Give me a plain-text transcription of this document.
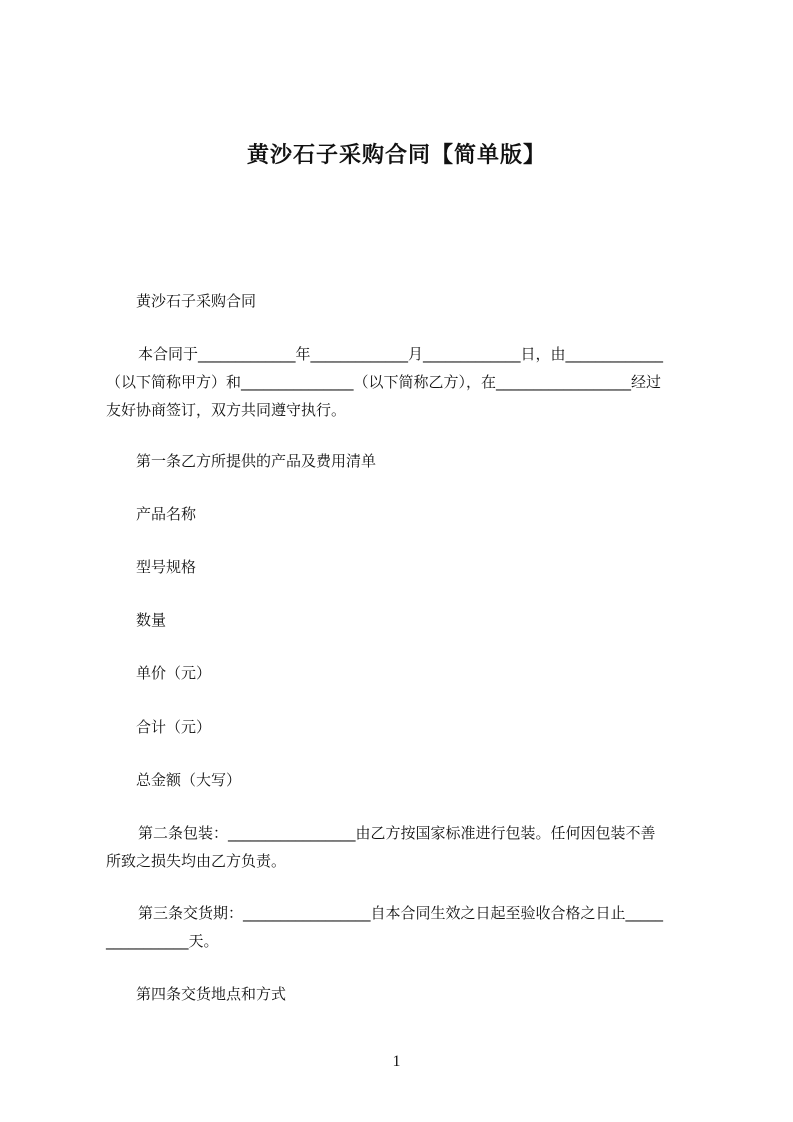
黄沙石子采购合同【简单版】
黄沙石子采购合同
本合同于_____________年_____________月_____________日，由_____________
（以下简称甲方）和_______________（以下简称乙方），在__________________经过
友好协商签订，双方共同遵守执行。
第一条乙方所提供的产品及费用清单
产品名称
型号规格
数量
单价（元）
合计（元）
总金额（大写）
第二条包装：_________________由乙方按国家标准进行包装。任何因包装不善
所致之损失均由乙方负责。
第三条交货期：_________________自本合同生效之日起至验收合格之日止_____
___________天。
第四条交货地点和方式
1
